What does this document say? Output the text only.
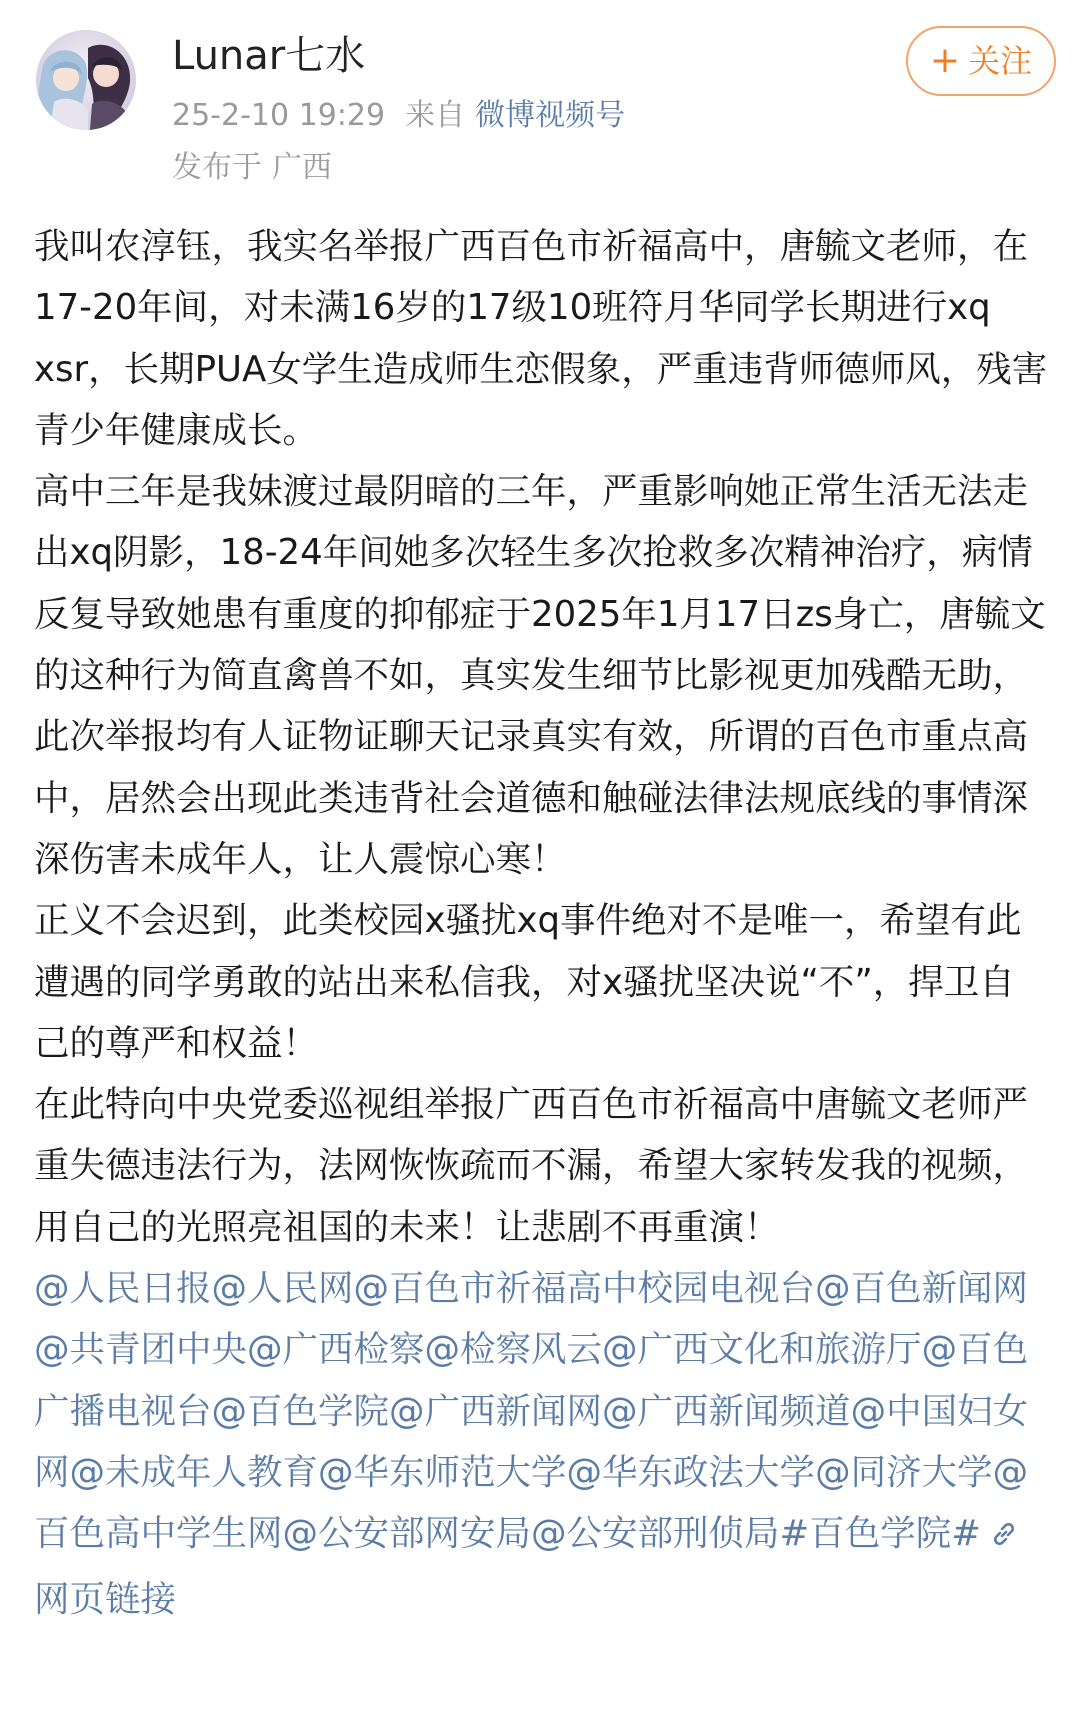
Lunar七水
25-2-10 19:29 来自 微博视频号
发布于 广西
+ 关注

我叫农淳钰，我实名举报广西百色市祈福高中，唐毓文老师，在17-20年间，对未满16岁的17级10班符月华同学长期进行xq xsr，长期PUA女学生造成师生恋假象，严重违背师德师风，残害青少年健康成长。

高中三年是我妹渡过最阴暗的三年，严重影响她正常生活无法走出xq阴影，18-24年间她多次轻生多次抢救多次精神治疗，病情反复导致她患有重度的抑郁症于2025年1月17日zs身亡，唐毓文的这种行为简直禽兽不如，真实发生细节比影视更加残酷无助，此次举报均有人证物证聊天记录真实有效，所谓的百色市重点高中，居然会出现此类违背社会道德和触碰法律法规底线的事情深深伤害未成年人，让人震惊心寒！

正义不会迟到，此类校园x骚扰xq事件绝对不是唯一，希望有此遭遇的同学勇敢的站出来私信我，对x骚扰坚决说“不”，捍卫自己的尊严和权益！

在此特向中央党委巡视组举报广西百色市祈福高中唐毓文老师严重失德违法行为，法网恢恢疏而不漏，希望大家转发我的视频，用自己的光照亮祖国的未来！让悲剧不再重演！

@人民日报@人民网@百色市祈福高中校园电视台@百色新闻网@共青团中央@广西检察@检察风云@广西文化和旅游厅@百色广播电视台@百色学院@广西新闻网@广西新闻频道@中国妇女网@未成年人教育@华东师范大学@华东政法大学@同济大学@百色高中学生网@公安部网安局@公安部刑侦局#百色学院#网页链接
